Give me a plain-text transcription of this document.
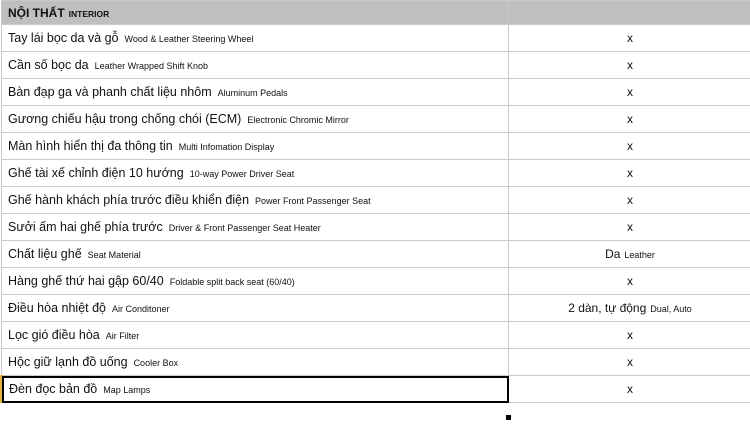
NỘI THẤT INTERIOR	
Tay lái bọc da và gỗ Wood & Leather Steering Wheel	x
Cần số bọc da Leather Wrapped Shift Knob	x
Bàn đạp ga và phanh chất liệu nhôm Aluminum Pedals	x
Gương chiếu hậu trong chống chói (ECM) Electronic Chromic Mirror	x
Màn hình hiển thị đa thông tin Multi Infomation Display	x
Ghế tài xế chỉnh điện 10 hướng 10-way Power Driver Seat	x
Ghế hành khách phía trước điều khiển điện Power Front Passenger Seat	x
Sưởi ấm hai ghế phía trước Driver & Front Passenger Seat Heater	x
Chất liệu ghế Seat Material	Da Leather
Hàng ghế thứ hai gập 60/40 Foldable split back seat (60/40)	x
Điều hòa nhiệt độ Air Conditoner	2 dàn, tự động Dual, Auto
Lọc gió điều hòa Air Filter	x
Hộc giữ lạnh đồ uống Cooler Box	x
Đèn đọc bản đồ Map Lamps	x
